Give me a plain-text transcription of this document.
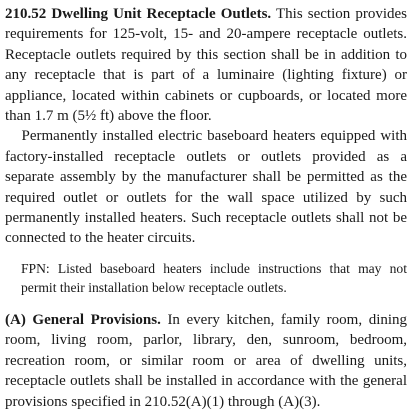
210.52 Dwelling Unit Receptacle Outlets. This section provides requirements for 125-volt, 15- and 20-ampere receptacle outlets. Receptacle outlets required by this section shall be in addition to any receptacle that is part of a luminaire (lighting fixture) or appliance, located within cabinets or cupboards, or located more than 1.7 m (5½ ft) above the floor.

Permanently installed electric baseboard heaters equipped with factory-installed receptacle outlets or outlets provided as a separate assembly by the manufacturer shall be permitted as the required outlet or outlets for the wall space utilized by such permanently installed heaters. Such receptacle outlets shall not be connected to the heater circuits.

FPN: Listed baseboard heaters include instructions that may not permit their installation below receptacle outlets.

(A) General Provisions. In every kitchen, family room, dining room, living room, parlor, library, den, sunroom, bedroom, recreation room, or similar room or area of dwelling units, receptacle outlets shall be installed in accordance with the general provisions specified in 210.52(A)(1) through (A)(3).
